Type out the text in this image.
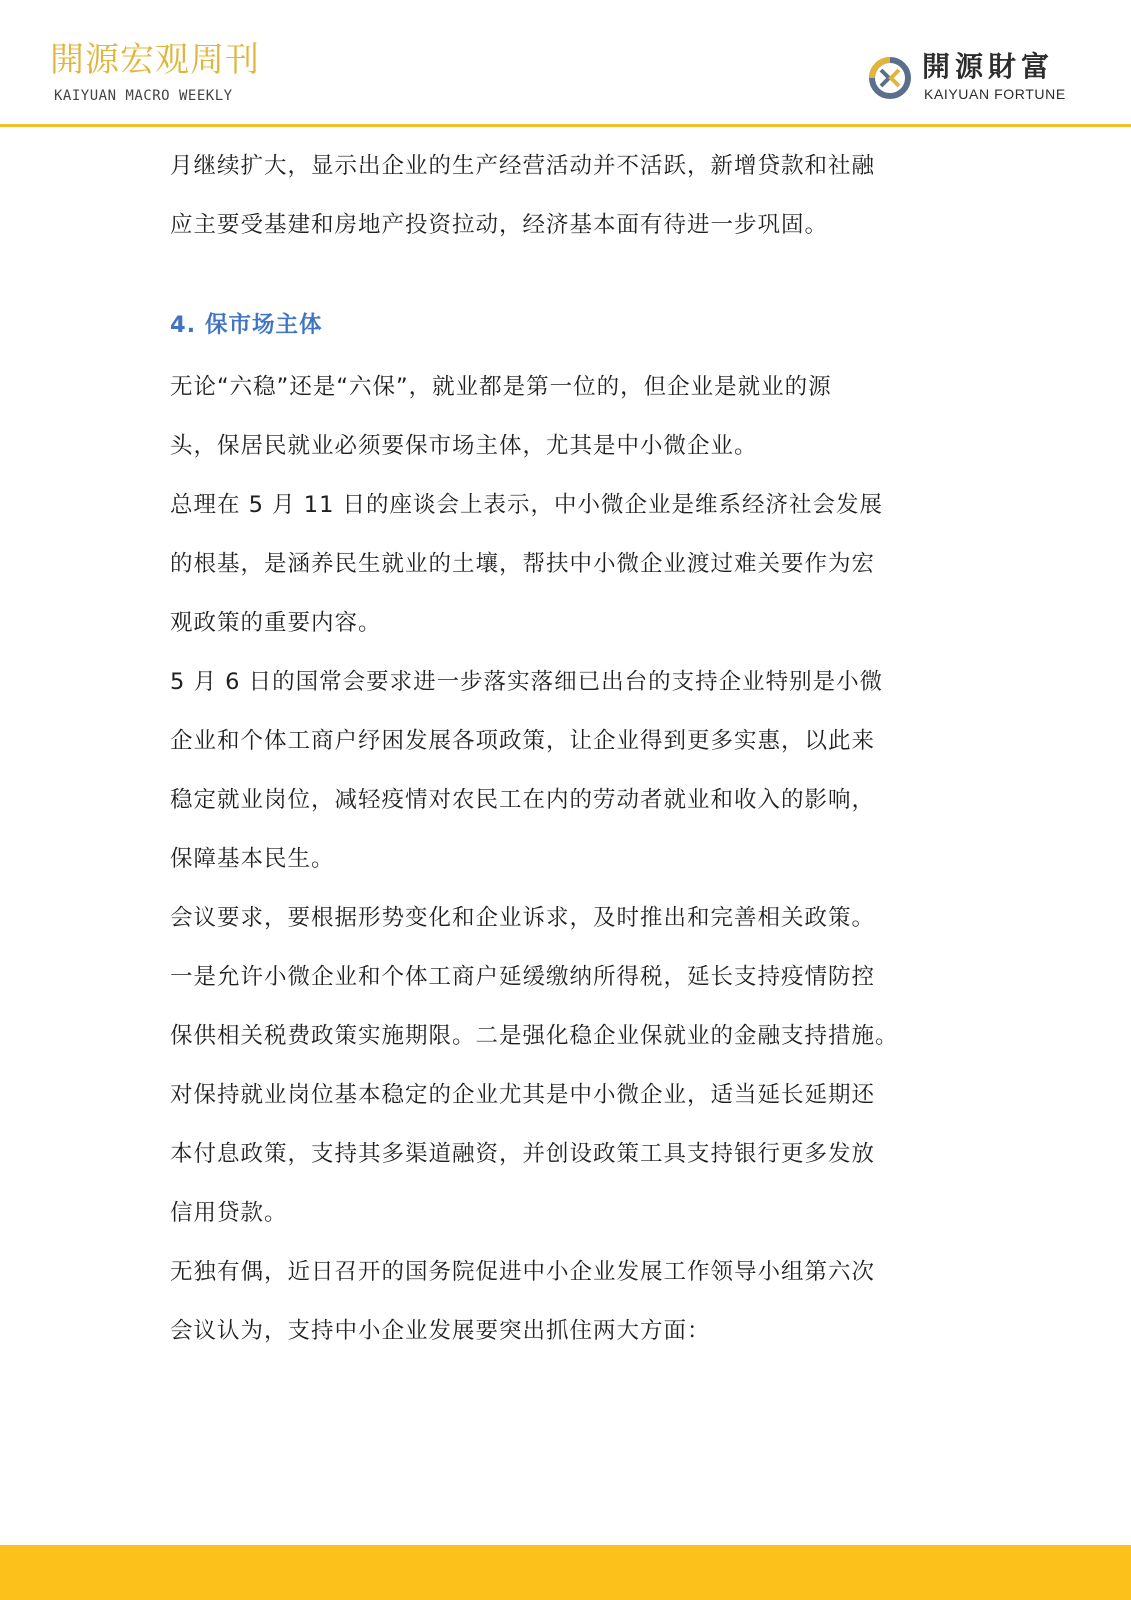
開源宏观周刊
KAIYUAN MACRO WEEKLY
開源財富
KAIYUAN FORTUNE

月继续扩大，显示出企业的生产经营活动并不活跃，新增贷款和社融
应主要受基建和房地产投资拉动，经济基本面有待进一步巩固。

4. 保市场主体

无论“六稳”还是“六保”，就业都是第一位的，但企业是就业的源
头，保居民就业必须要保市场主体，尤其是中小微企业。

总理在 5 月 11 日的座谈会上表示，中小微企业是维系经济社会发展
的根基，是涵养民生就业的土壤，帮扶中小微企业渡过难关要作为宏
观政策的重要内容。

5 月 6 日的国常会要求进一步落实落细已出台的支持企业特别是小微
企业和个体工商户纾困发展各项政策，让企业得到更多实惠，以此来
稳定就业岗位，减轻疫情对农民工在内的劳动者就业和收入的影响，
保障基本民生。

会议要求，要根据形势变化和企业诉求，及时推出和完善相关政策。
一是允许小微企业和个体工商户延缓缴纳所得税，延长支持疫情防控
保供相关税费政策实施期限。二是强化稳企业保就业的金融支持措施。
对保持就业岗位基本稳定的企业尤其是中小微企业，适当延长延期还
本付息政策，支持其多渠道融资，并创设政策工具支持银行更多发放
信用贷款。

无独有偶，近日召开的国务院促进中小企业发展工作领导小组第六次
会议认为，支持中小企业发展要突出抓住两大方面：
